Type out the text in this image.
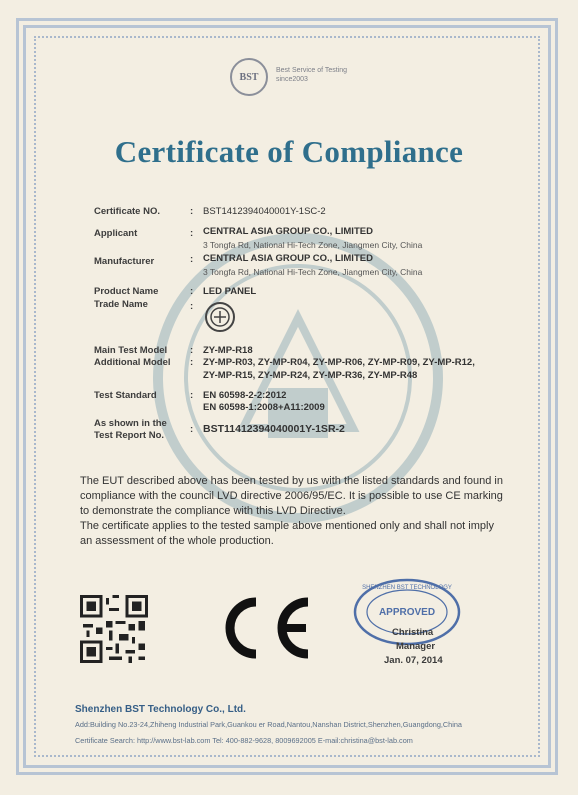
BST
Best Service of Testing
since2003
Certificate of Compliance
Certificate NO.	: BST1412394040001Y-1SC-2
Applicant	: CENTRAL ASIA GROUP CO., LIMITED
3 Tongfa Rd, National Hi-Tech Zone, Jiangmen City, China
Manufacturer	: CENTRAL ASIA GROUP CO., LIMITED
3 Tongfa Rd, National Hi-Tech Zone, Jiangmen City, China
Product Name	: LED PANEL
Trade Name	:
Main Test Model : ZY-MP-R18
Additional Model : ZY-MP-R03, ZY-MP-R04, ZY-MP-R06, ZY-MP-R09, ZY-MP-R12,
ZY-MP-R15, ZY-MP-R24, ZY-MP-R36, ZY-MP-R48
Test Standard	: EN 60598-2-2:2012
EN 60598-1:2008+A11:2009
As shown in the
Test Report No.
: BST11412394040001Y-1SR-2
The EUT described above has been tested by us with the listed standards and found in
compliance with the council LVD directive 2006/95/EC. It is possible to use CE marking
to demonstrate the compliance with this LVD Directive.
The certificate applies to the tested sample above mentioned only and shall not imply
an assessment of the whole production.
CE
APPROVED
SHENZHEN BST TECHNOLOGY
Christina
Manager
Jan. 07, 2014
Shenzhen BST Technology Co., Ltd.
Add:Building No.23-24,Zhiheng Industrial Park,Guankou er Road,Nantou,Nanshan District,Shenzhen,Guangdong,China
Certificate Search: http://www.bst-lab.com Tel: 400-882-9628, 8009692005 E-mail:christina@bst-lab.com
